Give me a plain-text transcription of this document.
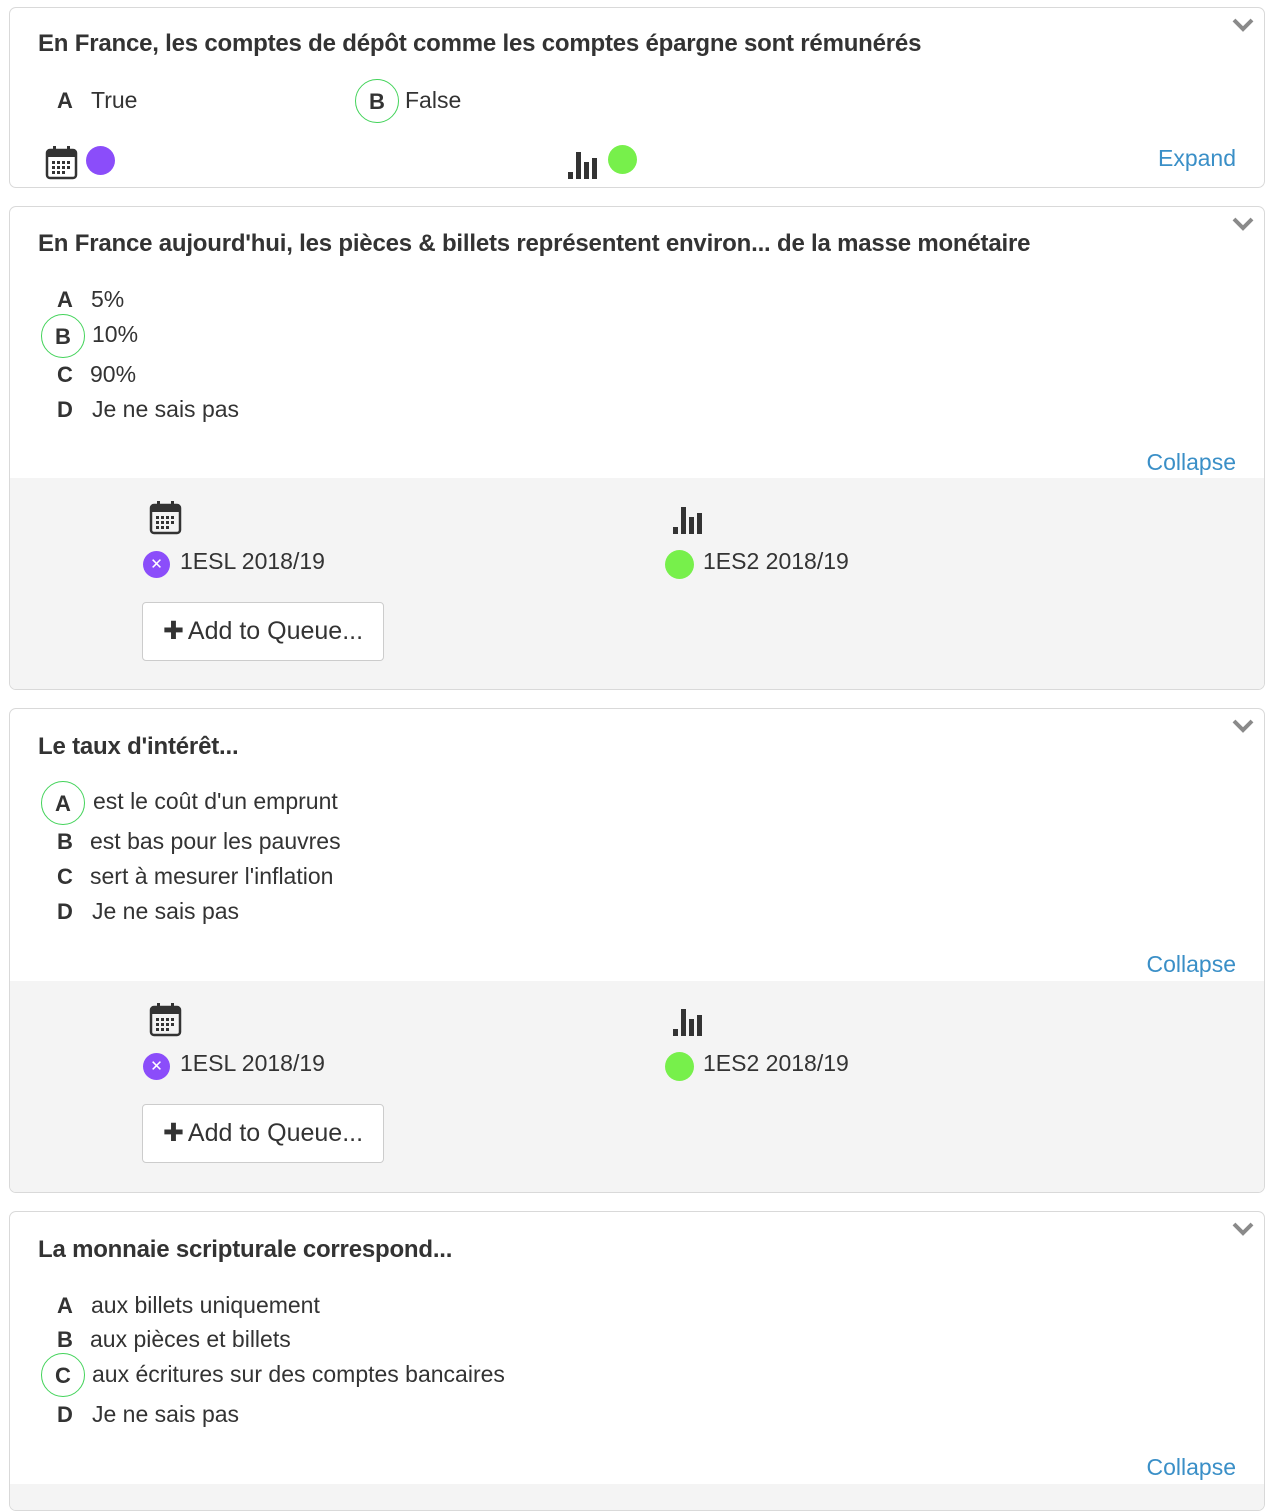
En France, les comptes de dépôt comme les comptes épargne sont rémunérés
A True	B False
Expand
En France aujourd'hui, les pièces & billets représentent environ... de la masse monétaire
A 5%
B 10%
C 90%
D Je ne sais pas
Collapse
✕ 1ESL 2018/19	1ES2 2018/19
✚ Add to Queue...
Le taux d'intérêt...
A est le coût d'un emprunt
B est bas pour les pauvres
C sert à mesurer l'inflation
D Je ne sais pas
Collapse
✕ 1ESL 2018/19	1ES2 2018/19
✚ Add to Queue...
La monnaie scripturale correspond...
A aux billets uniquement
B aux pièces et billets
C aux écritures sur des comptes bancaires
D Je ne sais pas
Collapse
